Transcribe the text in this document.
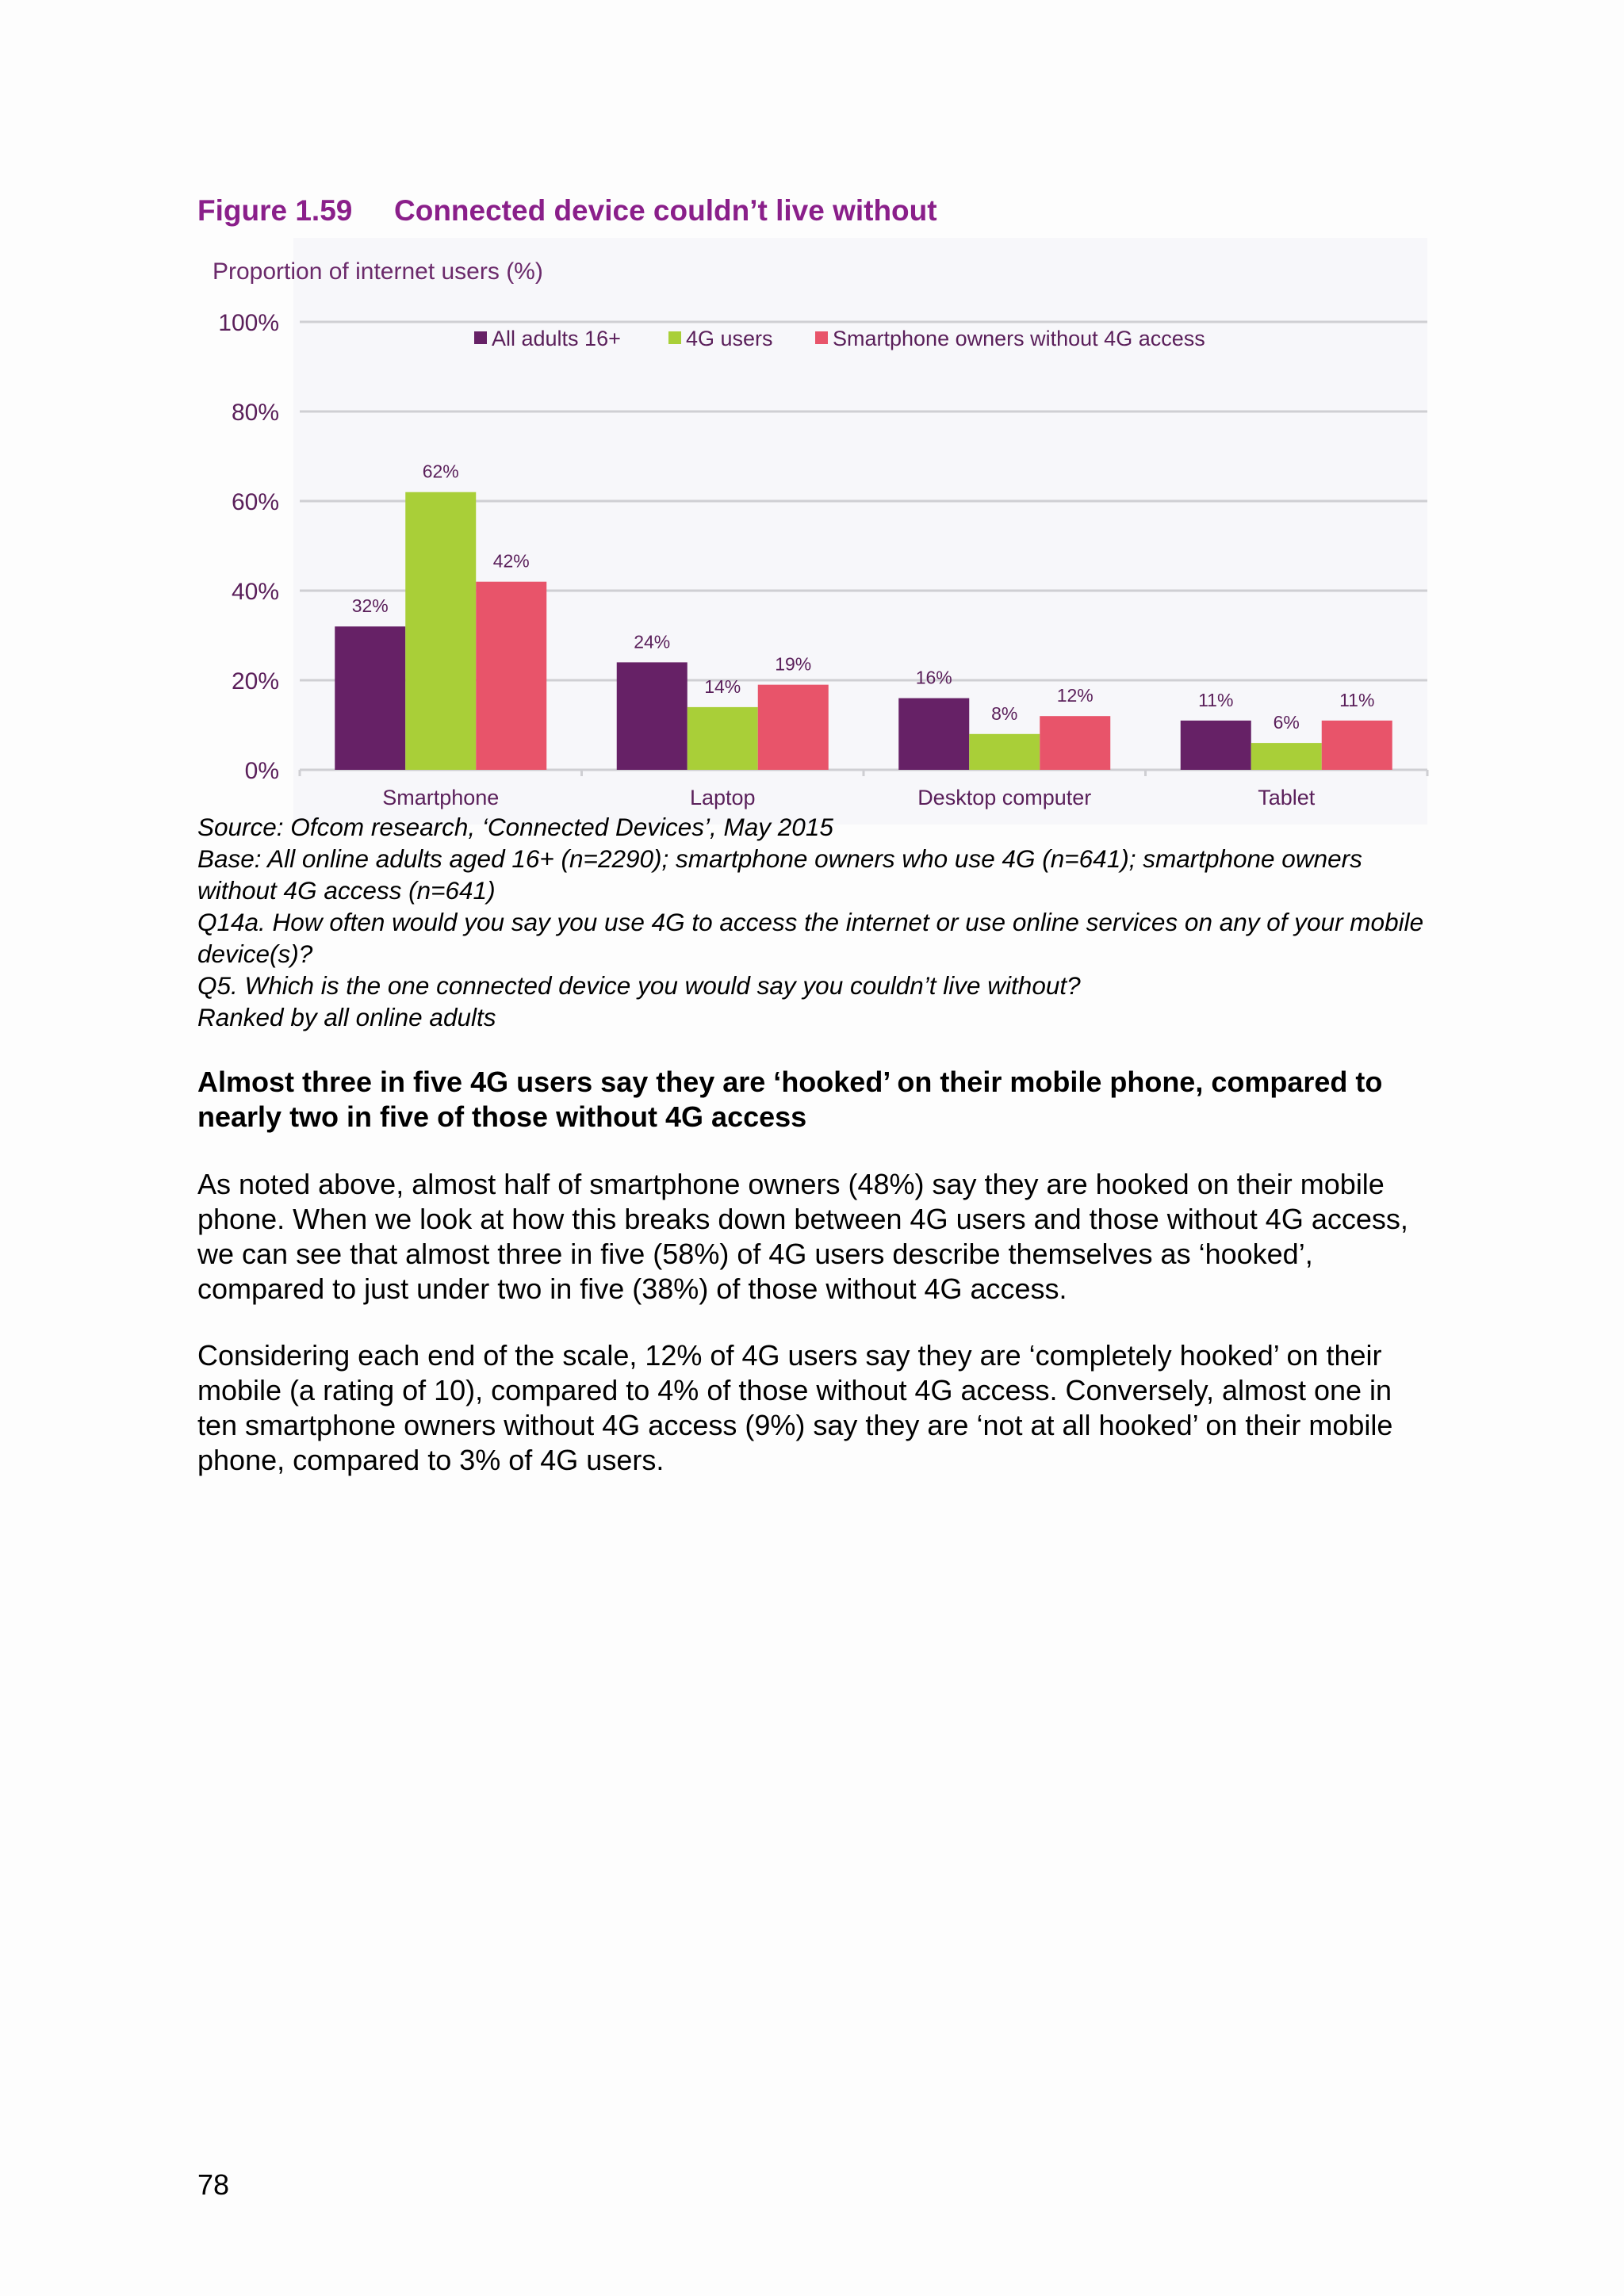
Figure 1.59 Connected device couldn’t live without
Proportion of internet users (%)
0%
20%
40%
60%
80%
100%
All adults 16+	4G users	Smartphone owners without 4G access
32%
62%
42%
24%
14%
19%
16%
8%
12%	11%
6%
11%
Smartphone	Laptop	Desktop computer	Tablet
Source: Ofcom research, ‘Connected Devices’, May 2015
Base: All online adults aged 16+ (n=2290); smartphone owners who use 4G (n=641); smartphone owners without 4G access (n=641)
Q14a. How often would you say you use 4G to access the internet or use online services on any of your mobile device(s)?
Q5. Which is the one connected device you would say you couldn’t live without?
Ranked by all online adults
Almost three in five 4G users say they are ‘hooked’ on their mobile phone, compared to nearly two in five of those without 4G access
As noted above, almost half of smartphone owners (48%) say they are hooked on their mobile phone. When we look at how this breaks down between 4G users and those without 4G access, we can see that almost three in five (58%) of 4G users describe themselves as ‘hooked’, compared to just under two in five (38%) of those without 4G access.
Considering each end of the scale, 12% of 4G users say they are ‘completely hooked’ on their mobile (a rating of 10), compared to 4% of those without 4G access. Conversely, almost one in ten smartphone owners without 4G access (9%) say they are ‘not at all hooked’ on their mobile phone, compared to 3% of 4G users.
78
